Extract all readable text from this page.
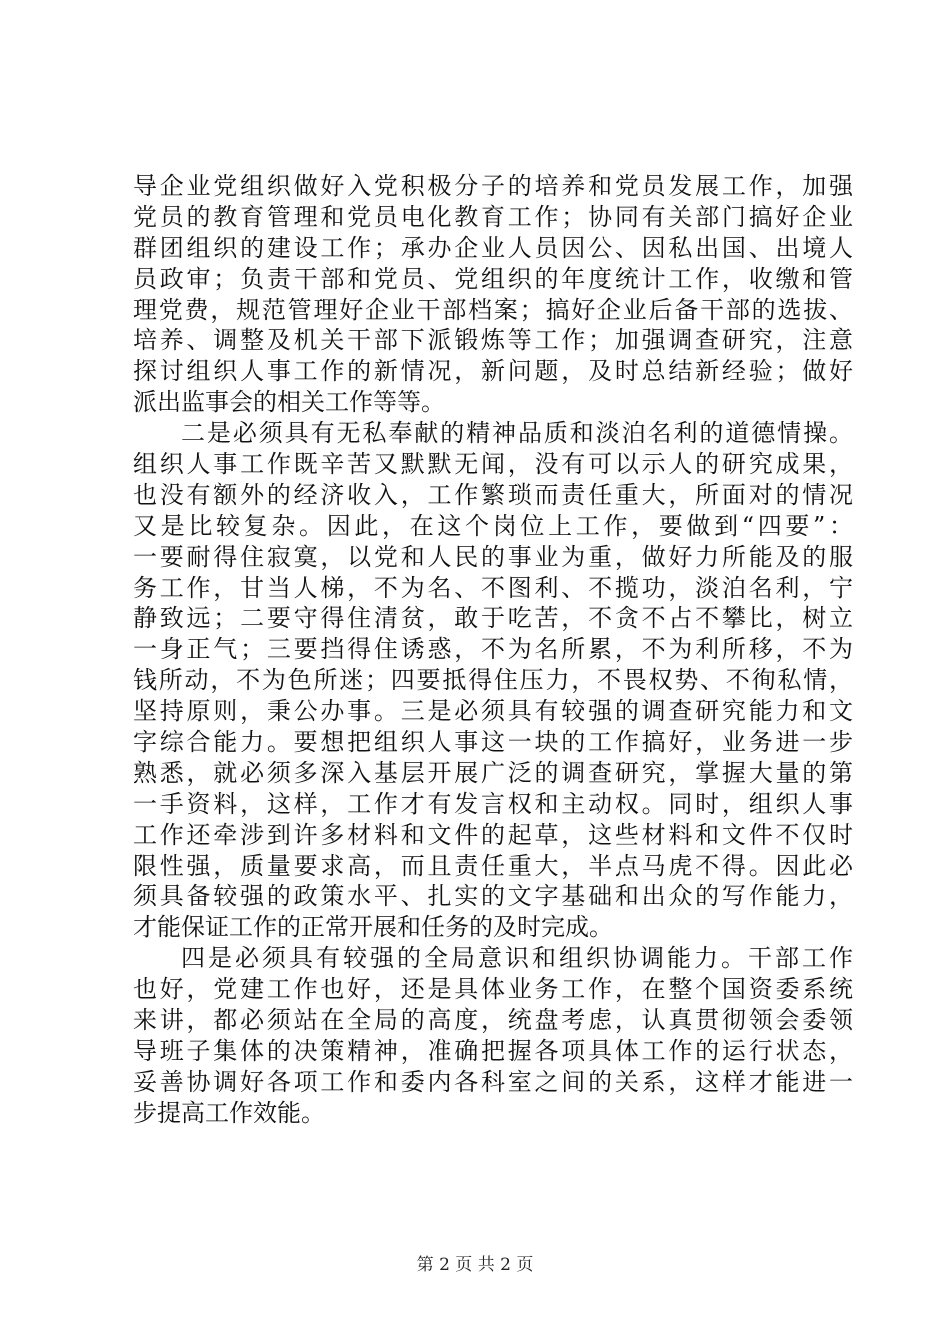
导企业党组织做好入党积极分子的培养和党员发展工作，加强
党员的教育管理和党员电化教育工作；协同有关部门搞好企业
群团组织的建设工作；承办企业人员因公、因私出国、出境人
员政审；负责干部和党员、党组织的年度统计工作，收缴和管
理党费，规范管理好企业干部档案；搞好企业后备干部的选拔、
培养、调整及机关干部下派锻炼等工作；加强调查研究，注意
探讨组织人事工作的新情况，新问题，及时总结新经验；做好
派出监事会的相关工作等等。
二是必须具有无私奉献的精神品质和淡泊名利的道德情操。
组织人事工作既辛苦又默默无闻，没有可以示人的研究成果，
也没有额外的经济收入，工作繁琐而责任重大，所面对的情况
又是比较复杂。因此，在这个岗位上工作，要做到“四要”：
一要耐得住寂寞，以党和人民的事业为重，做好力所能及的服
务工作，甘当人梯，不为名、不图利、不揽功，淡泊名利，宁
静致远；二要守得住清贫，敢于吃苦，不贪不占不攀比，树立
一身正气；三要挡得住诱惑，不为名所累，不为利所移，不为
钱所动，不为色所迷；四要抵得住压力，不畏权势、不徇私情，
坚持原则，秉公办事。三是必须具有较强的调查研究能力和文
字综合能力。要想把组织人事这一块的工作搞好，业务进一步
熟悉，就必须多深入基层开展广泛的调查研究，掌握大量的第
一手资料，这样，工作才有发言权和主动权。同时，组织人事
工作还牵涉到许多材料和文件的起草，这些材料和文件不仅时
限性强，质量要求高，而且责任重大，半点马虎不得。因此必
须具备较强的政策水平、扎实的文字基础和出众的写作能力，
才能保证工作的正常开展和任务的及时完成。
四是必须具有较强的全局意识和组织协调能力。干部工作
也好，党建工作也好，还是具体业务工作，在整个国资委系统
来讲，都必须站在全局的高度，统盘考虑，认真贯彻领会委领
导班子集体的决策精神，准确把握各项具体工作的运行状态，
妥善协调好各项工作和委内各科室之间的关系，这样才能进一
步提高工作效能。
第 2 页 共 2 页
